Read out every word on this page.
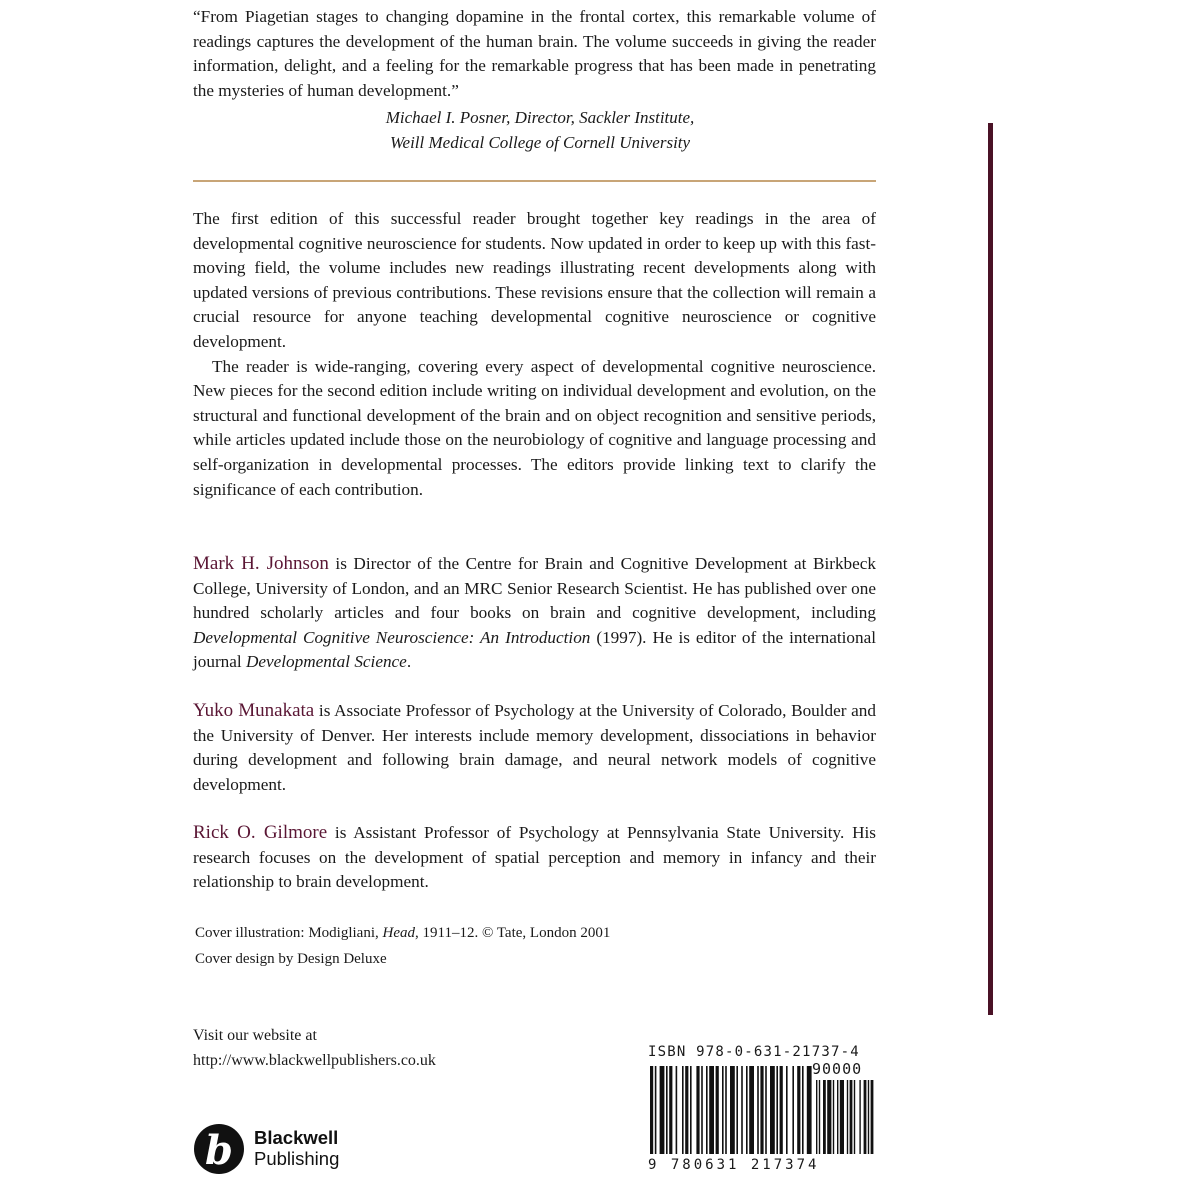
“From Piagetian stages to changing dopamine in the frontal cortex, this remarkable volume of readings captures the development of the human brain. The volume succeeds in giving the reader information, delight, and a feeling for the remarkable progress that has been made in penetrating the mysteries of human development.”
Michael I. Posner, Director, Sackler Institute,
Weill Medical College of Cornell University

The first edition of this successful reader brought together key readings in the area of developmental cognitive neuroscience for students. Now updated in order to keep up with this fast-moving field, the volume includes new readings illustrating recent developments along with updated versions of previous contributions. These revisions ensure that the collection will remain a crucial resource for anyone teaching developmental cognitive neuroscience or cognitive development.

The reader is wide-ranging, covering every aspect of developmental cognitive neuroscience. New pieces for the second edition include writing on individual development and evolution, on the structural and functional development of the brain and on object recognition and sensitive periods, while articles updated include those on the neurobiology of cognitive and language processing and self-organization in developmental processes. The editors provide linking text to clarify the significance of each contribution.

Mark H. Johnson is Director of the Centre for Brain and Cognitive Development at Birkbeck College, University of London, and an MRC Senior Research Scientist. He has published over one hundred scholarly articles and four books on brain and cognitive development, including Developmental Cognitive Neuroscience: An Introduction (1997). He is editor of the international journal Developmental Science.
Yuko Munakata is Associate Professor of Psychology at the University of Colorado, Boulder and the University of Denver. Her interests include memory development, dissociations in behavior during development and following brain damage, and neural network models of cognitive development.
Rick O. Gilmore is Assistant Professor of Psychology at Pennsylvania State University. His research focuses on the development of spatial perception and memory in infancy and their relationship to brain development.
Cover illustration: Modigliani, Head, 1911–12. © Tate, London 2001
Cover design by Design Deluxe
Visit our website at
http://www.blackwellpublishers.co.uk
b Blackwell
Publishing
ISBN 978-0-631-21737-4
90000
9 780631 217374
